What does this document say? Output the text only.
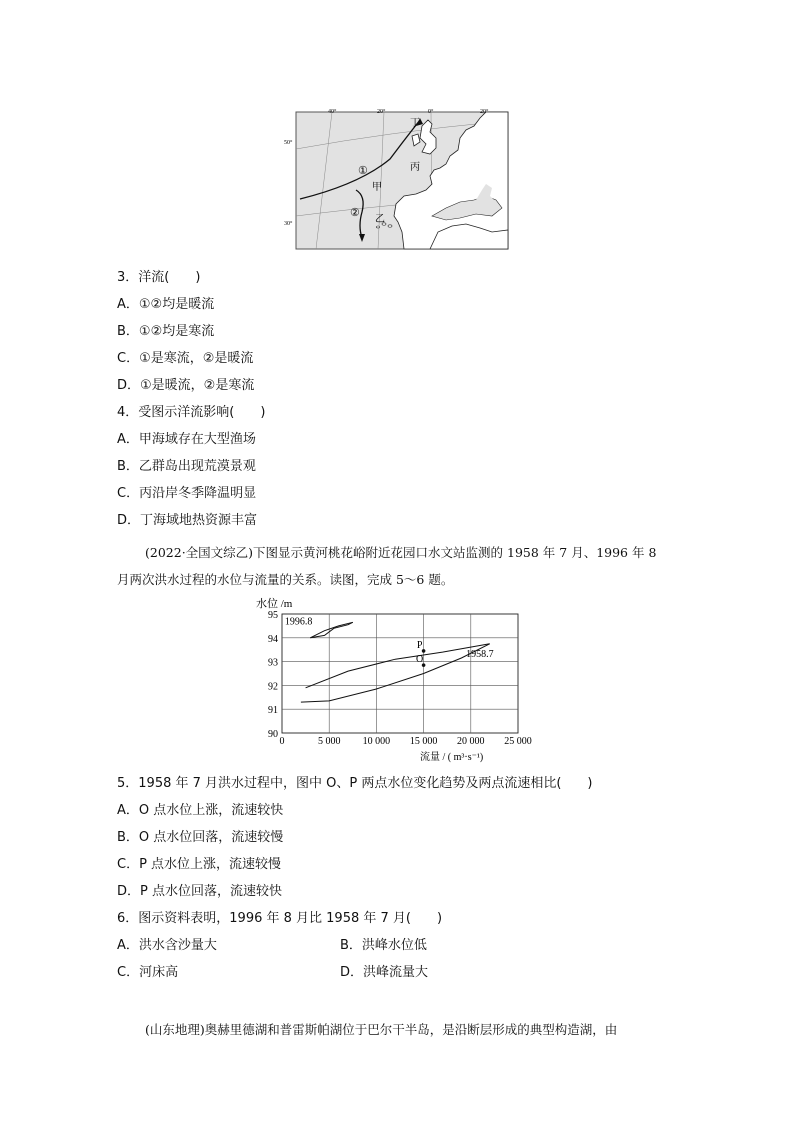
40°	20°	0°	20°
50°
30°
①
②
甲
乙
丙
丁
3．洋流(　　)
A．①②均是暖流
B．①②均是寒流
C．①是寒流，②是暖流
D．①是暖流，②是寒流
4．受图示洋流影响(　　)
A．甲海域存在大型渔场
B．乙群岛出现荒漠景观
C．丙沿岸冬季降温明显
D．丁海域地热资源丰富

(2022·全国文综乙)下图显示黄河桃花峪附近花园口水文站监测的 1958 年 7 月、1996 年 8

月两次洪水过程的水位与流量的关系。读图，完成 5～6 题。

0	5 000 10 000 15 000 20 000 25 000
90
91
92
93
94
95
水位 /m
流量 / ( m³·s⁻¹)
1996.8
1958.7
P
O
5．1958 年 7 月洪水过程中，图中 O、P 两点水位变化趋势及两点流速相比(　　)
A．O 点水位上涨，流速较快
B．O 点水位回落，流速较慢
C．P 点水位上涨，流速较慢
D．P 点水位回落，流速较快
6．图示资料表明，1996 年 8 月比 1958 年 7 月(　　)
A．洪水含沙量大	B．洪峰水位低
C．河床高	D．洪峰流量大

(山东地理)奥赫里德湖和普雷斯帕湖位于巴尔干半岛，是沿断层形成的典型构造湖，由
